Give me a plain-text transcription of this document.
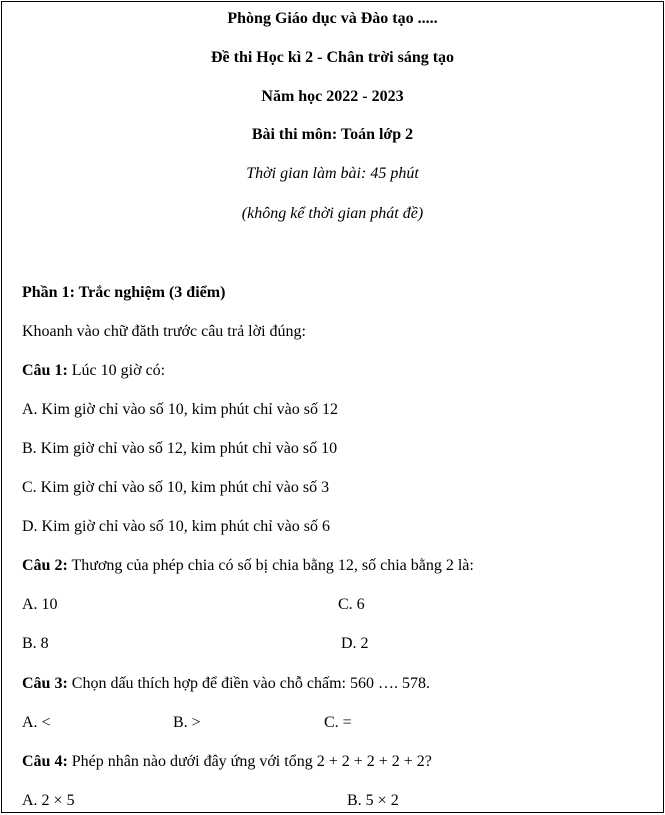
Phòng Giáo dục và Đào tạo .....
Đề thi Học kì 2 - Chân trời sáng tạo
Năm học 2022 - 2023
Bài thi môn: Toán lớp 2
Thời gian làm bài: 45 phút
(không kể thời gian phát đề)
Phần 1: Trắc nghiệm (3 điểm)
Khoanh vào chữ đăth trước câu trả lời đúng:
Câu 1: Lúc 10 giờ có:
A. Kim giờ chỉ vào số 10, kim phút chỉ vào số 12
B. Kim giờ chỉ vào số 12, kim phút chỉ vào số 10
C. Kim giờ chỉ vào số 10, kim phút chỉ vào số 3
D. Kim giờ chỉ vào số 10, kim phút chỉ vào số 6
Câu 2: Thương của phép chia có số bị chia bằng 12, số chia bằng 2 là:
A. 10	C. 6
B. 8	D. 2
Câu 3: Chọn dấu thích hợp để điền vào chỗ chấm: 560 …. 578.
A. <	B. >	C. =
Câu 4: Phép nhân nào dưới đây ứng với tổng 2 + 2 + 2 + 2 + 2?
A. 2 × 5	B. 5 × 2
